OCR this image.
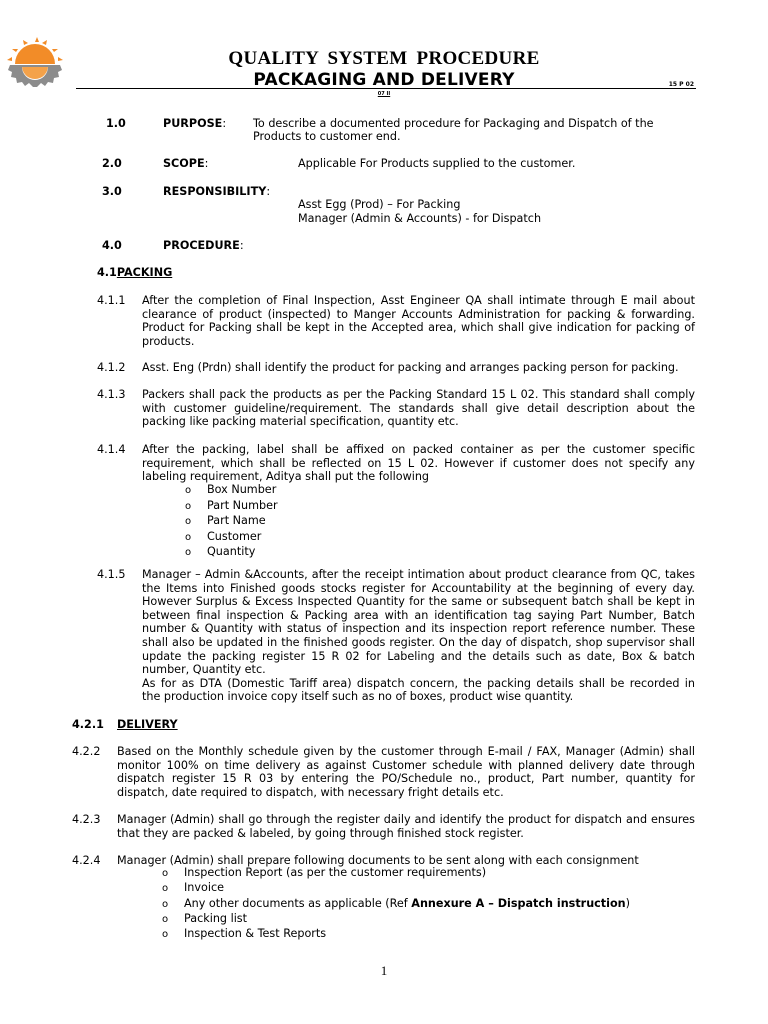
QUALITY SYSTEM PROCEDURE
PACKAGING AND DELIVERY	15 P 02
07 II
1.0	PURPOSE: To describe a documented procedure for Packaging and Dispatch of the
Products to customer end.
2.0	SCOPE:	Applicable For Products supplied to the customer.
3.0	RESPONSIBILITY:
Asst Egg (Prod) – For Packing
Manager (Admin & Accounts) - for Dispatch
4.0	PROCEDURE:
4.1PACKING
4.1.1 After the completion of Final Inspection, Asst Engineer QA shall intimate through E mail about
clearance of product (inspected) to Manger Accounts Administration for packing & forwarding.
Product for Packing shall be kept in the Accepted area, which shall give indication for packing of
products.
4.1.2 Asst. Eng (Prdn) shall identify the product for packing and arranges packing person for packing.
4.1.3 Packers shall pack the products as per the Packing Standard 15 L 02. This standard shall comply
with customer guideline/requirement. The standards shall give detail description about the
packing like packing material specification, quantity etc.
4.1.4 After the packing, label shall be affixed on packed container as per the customer specific
requirement, which shall be reflected on 15 L 02. However if customer does not specify any
labeling requirement, Aditya shall put the following
o Box Number
o Part Number
o Part Name
o Customer
o Quantity
4.1.5 Manager – Admin &Accounts, after the receipt intimation about product clearance from QC, takes
the Items into Finished goods stocks register for Accountability at the beginning of every day.
However Surplus & Excess Inspected Quantity for the same or subsequent batch shall be kept in
between final inspection & Packing area with an identification tag saying Part Number, Batch
number & Quantity with status of inspection and its inspection report reference number. These
shall also be updated in the finished goods register. On the day of dispatch, shop supervisor shall
update the packing register 15 R 02 for Labeling and the details such as date, Box & batch
number, Quantity etc.
As for as DTA (Domestic Tariff area) dispatch concern, the packing details shall be recorded in
the production invoice copy itself such as no of boxes, product wise quantity.
4.2.1 DELIVERY
4.2.2 Based on the Monthly schedule given by the customer through E-mail / FAX, Manager (Admin) shall
monitor 100% on time delivery as against Customer schedule with planned delivery date through
dispatch register 15 R 03 by entering the PO/Schedule no., product, Part number, quantity for
dispatch, date required to dispatch, with necessary fright details etc.
4.2.3 Manager (Admin) shall go through the register daily and identify the product for dispatch and ensures
that they are packed & labeled, by going through finished stock register.
4.2.4 Manager (Admin) shall prepare following documents to be sent along with each consignment
o Inspection Report (as per the customer requirements)
o Invoice
o Any other documents as applicable (Ref Annexure A – Dispatch instruction)
o Packing list
o Inspection & Test Reports
1
